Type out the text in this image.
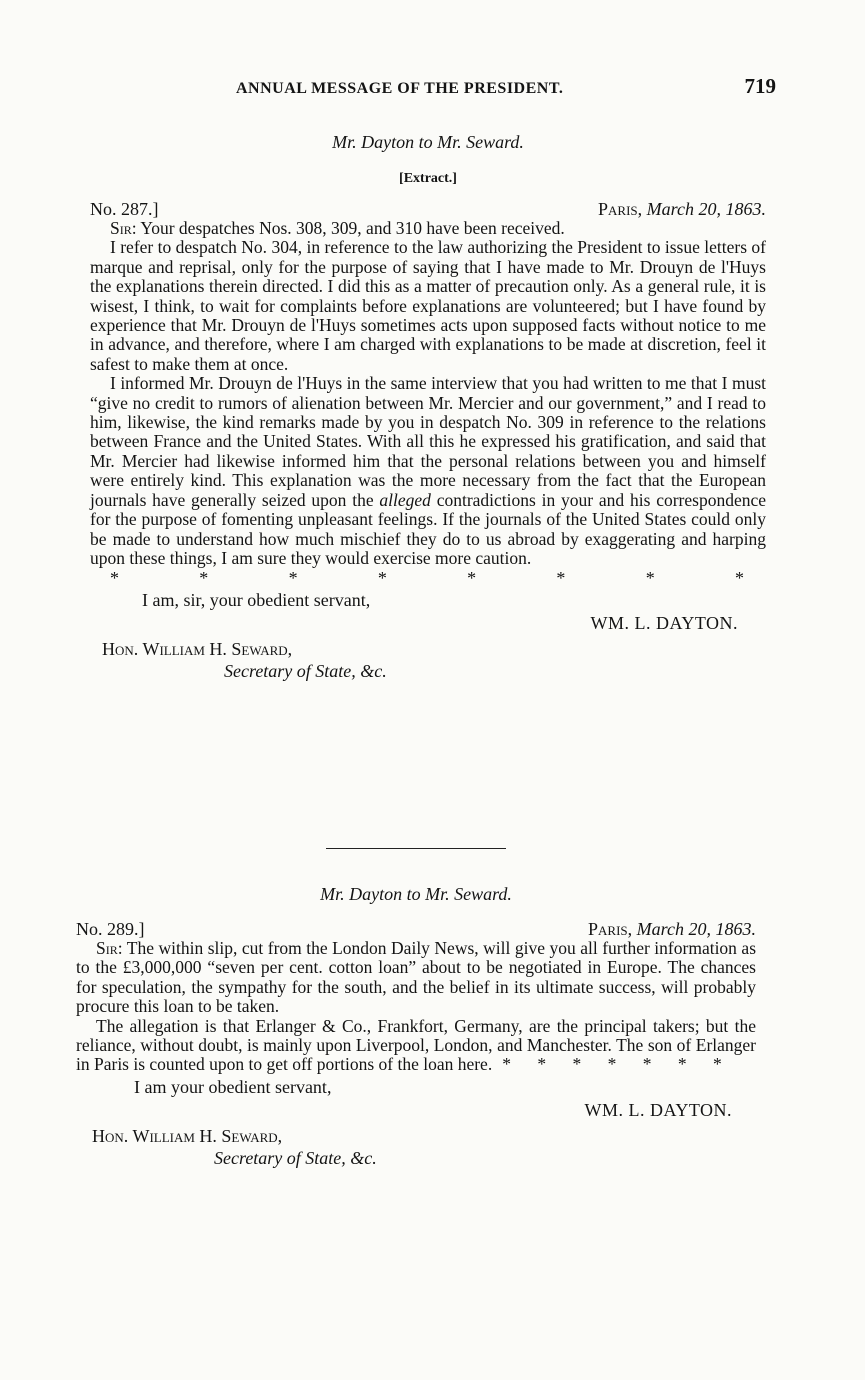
ANNUAL MESSAGE OF THE PRESIDENT.	719

Mr. Dayton to Mr. Seward.

[Extract.]
No. 287.]	Paris, March 20, 1863.

Sir: Your despatches Nos. 308, 309, and 310 have been received.

I refer to despatch No. 304, in reference to the law authorizing the President to issue letters of marque and reprisal, only for the purpose of saying that I have made to Mr. Drouyn de l'Huys the explanations therein directed. I did this as a matter of precaution only. As a general rule, it is wisest, I think, to wait for complaints before explanations are volunteered; but I have found by experience that Mr. Drouyn de l'Huys sometimes acts upon supposed facts without notice to me in advance, and therefore, where I am charged with explanations to be made at discretion, feel it safest to make them at once.

I informed Mr. Drouyn de l'Huys in the same interview that you had written to me that I must “give no credit to rumors of alienation between Mr. Mercier and our government,” and I read to him, likewise, the kind remarks made by you in despatch No. 309 in reference to the relations between France and the United States. With all this he expressed his gratification, and said that Mr. Mercier had likewise informed him that the personal relations between you and himself were entirely kind. This explanation was the more necessary from the fact that the European journals have generally seized upon the alleged contradictions in your and his correspondence for the purpose of fomenting unpleasant feelings. If the journals of the United States could only be made to understand how much mischief they do to us abroad by exaggerating and harping upon these things, I am sure they would exercise more caution.

*	*	*	*	*	*	*	*
I am, sir, your obedient servant,
WM. L. DAYTON.
Hon. William H. Seward,
Secretary of State, &c.

Mr. Dayton to Mr. Seward.

No. 289.]	Paris, March 20, 1863.

Sir: The within slip, cut from the London Daily News, will give you all further information as to the £3,000,000 “seven per cent. cotton loan” about to be negotiated in Europe. The chances for speculation, the sympathy for the south, and the belief in its ultimate success, will probably procure this loan to be taken.

The allegation is that Erlanger & Co., Frankfort, Germany, are the principal takers; but the reliance, without doubt, is mainly upon Liverpool, London, and Manchester. The son of Erlanger in Paris is counted upon to get off portions of the loan here. * * * * * * *

I am your obedient servant,
WM. L. DAYTON.
Hon. William H. Seward,
Secretary of State, &c.
